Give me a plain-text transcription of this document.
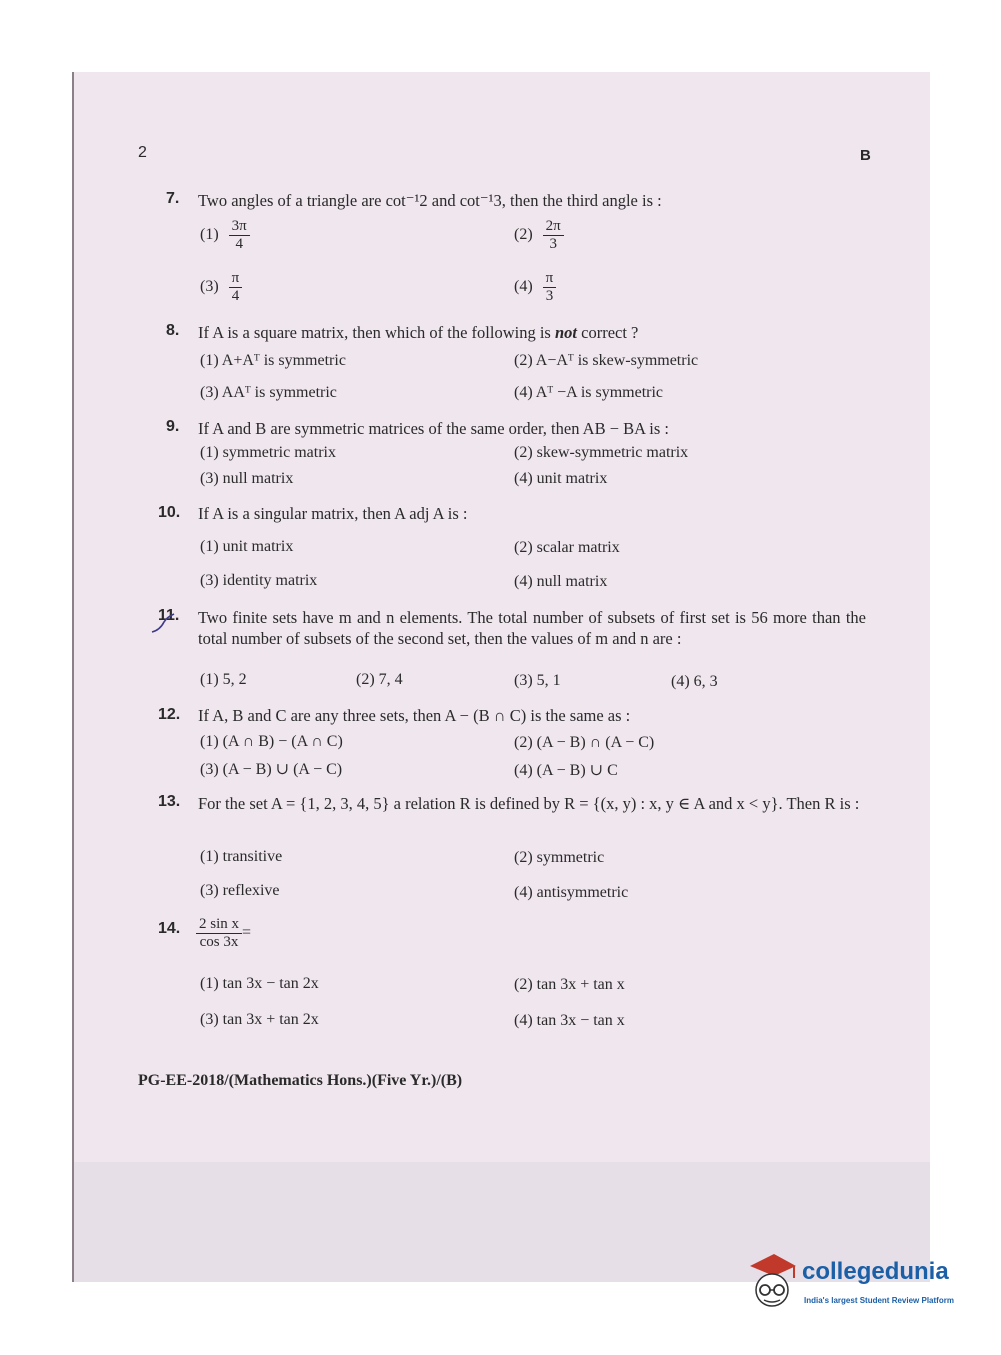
2	B
7. Two angles of a triangle are cot⁻¹2 and cot⁻¹3, then the third angle is :
$(1) \frac{3\pi}{4}$	$(2) \frac{2\pi}{3}$
$(3) \frac{\pi}{4}$	$(4) \frac{\pi}{3}$
8. If A is a square matrix, then which of the following is not correct ?
(1) A+Aᵀ is symmetric	(2) A−Aᵀ is skew-symmetric
(3) AAᵀ is symmetric	(4) Aᵀ −A is symmetric
9. If A and B are symmetric matrices of the same order, then AB − BA is :
(1) symmetric matrix	(2) skew-symmetric matrix
(3) null matrix	(4) unit matrix
10. If A is a singular matrix, then A adj A is :
(1) unit matrix	(2) scalar matrix
(3) identity matrix	(4) null matrix
11. Two finite sets have m and n elements. The total number of subsets of first set is 56 more than the total number of subsets of the second set, then the values of m and n are :
(1) 5, 2	(2) 7, 4	(3) 5, 1	(4) 6, 3
12. If A, B and C are any three sets, then A − (B ∩ C) is the same as :
(1) (A ∩ B) − (A ∩ C)	(2) (A − B) ∩ (A − C)
(3) (A − B) ∪ (A − C)	(4) (A − B) ∪ C
13. For the set A = {1, 2, 3, 4, 5} a relation R is defined by R = {(x, y) : x, y ∈ A and x < y}. Then R is :
(1) transitive	(2) symmetric
(3) reflexive	(4) antisymmetric
14. $\frac{\text{2 sin x}}{\cos 3x}$ =
(1) tan 3x − tan 2x	(2) tan 3x + tan x
(3) tan 3x + tan 2x	(4) tan 3x − tan x
PG-EE-2018/(Mathematics Hons.)(Five Yr.)/(B)
collegedunia
India's largest Student Review Platform
